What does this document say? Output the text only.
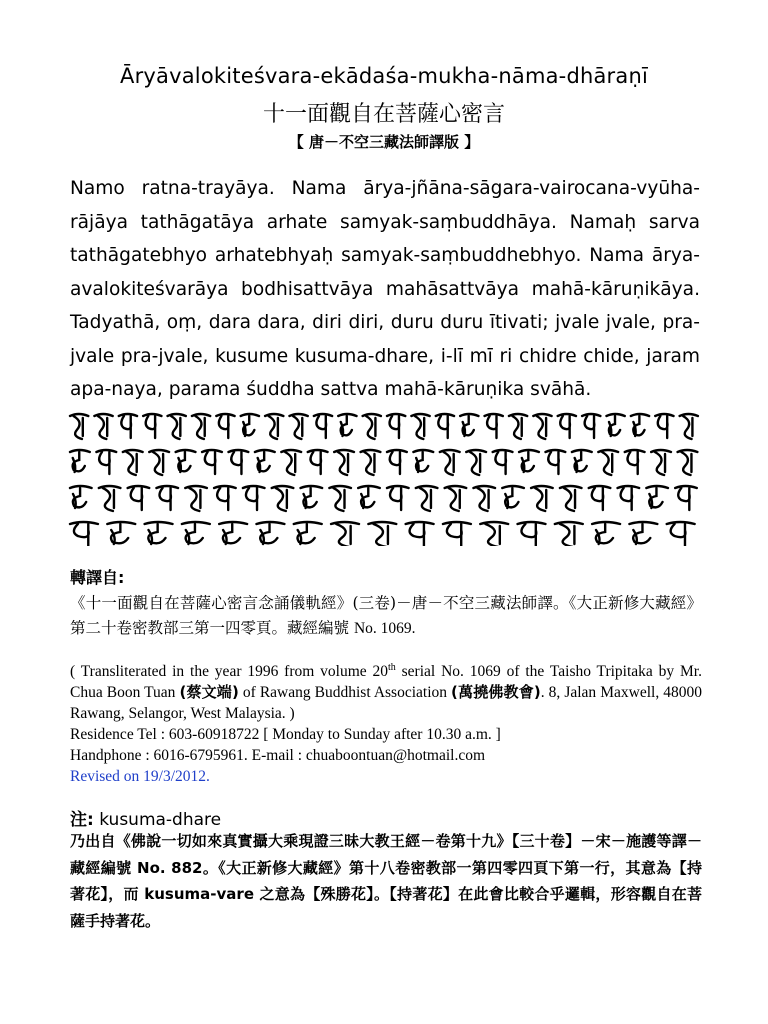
Āryāvalokiteśvara-ekādaśa-mukha-nāma-dhāraṇī
十一面觀自在菩薩心密言
【 唐－不空三藏法師譯版 】
Namo ratna-trayāya. Nama ārya-jñāna-sāgara-vairocana-vyūha-rājāya tathāgatāya arhate samyak-saṃbuddhāya. Namaḥ sarva tathāgatebhyo arhatebhyaḥ samyak-saṃbuddhebhyo. Nama ārya-avalokiteśvarāya bodhisattvāya mahāsattvāya mahā-kāruṇikāya. Tadyathā, oṃ, dara dara, diri diri, duru duru ītivati; jvale jvale, pra-jvale pra-jvale, kusume kusuma-dhare, i-lī mī ri chidre chide, jaram apa-naya, parama śuddha sattva mahā-kāruṇika svāhā.
轉譯自:
《十一面觀自在菩薩心密言念誦儀軌經》(三卷)－唐－不空三藏法師譯。《大正新修大藏經》第二十卷密教部三第一四零頁。藏經編號 No. 1069.

( Transliterated in the year 1996 from volume 20th serial No. 1069 of the Taisho Tripitaka by Mr. Chua Boon Tuan (蔡文端) of Rawang Buddhist Association (萬撓佛教會). 8, Jalan Maxwell, 48000 Rawang, Selangor, West Malaysia. )

Residence Tel : 603-60918722 [ Monday to Sunday after 10.30 a.m. ]

Handphone : 6016-6795961. E-mail : chuaboontuan@hotmail.com

Revised on 19/3/2012.

注: kusuma-dhare
乃出自《佛說一切如來真實攝大乘現證三昧大教王經－卷第十九》【三十卷】－宋－施護等譯－藏經編號 No. 882。《大正新修大藏經》第十八卷密教部一第四零四頁下第一行，其意為【持著花】，而 kusuma-vare 之意為【殊勝花】。【持著花】在此會比較合乎邏輯，形容觀自在菩薩手持著花。
